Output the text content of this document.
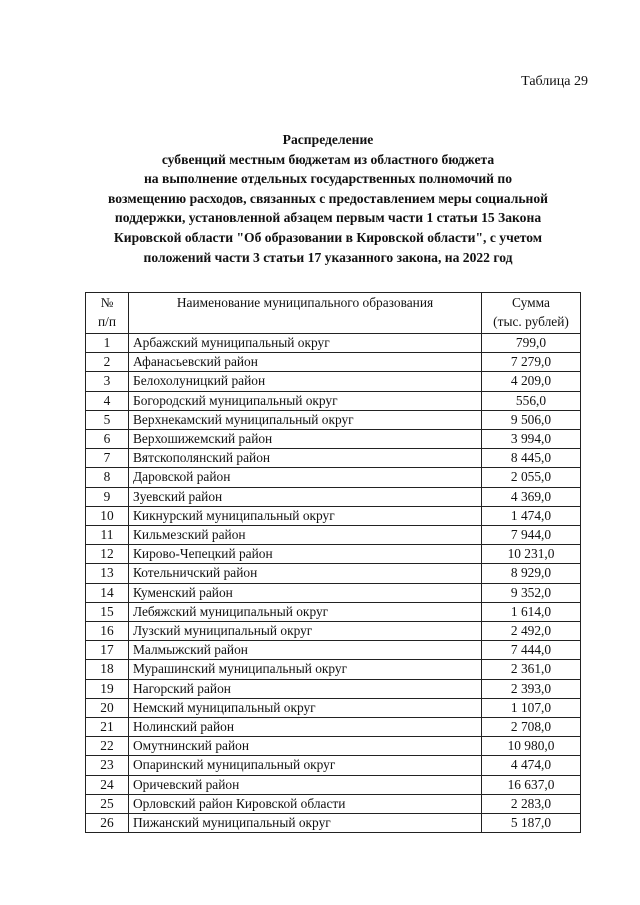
Таблица 29
Распределение
субвенций местным бюджетам из областного бюджета
на выполнение отдельных государственных полномочий по
возмещению расходов, связанных с предоставлением меры социальной
поддержки, установленной абзацем первым части 1 статьи 15 Закона
Кировской области "Об образовании в Кировской области", с учетом
положений части 3 статьи 17 указанного закона, на 2022 год
№
п/п	Наименование муниципального образования	Сумма
(тыс. рублей)

1	Арбажский муниципальный округ	799,0
2	Афанасьевский район	7 279,0
3	Белохолуницкий район	4 209,0
4	Богородский муниципальный округ	556,0
5	Верхнекамский муниципальный округ	9 506,0
6	Верхошижемский район	3 994,0
7	Вятскополянский район	8 445,0
8	Даровской район	2 055,0
9	Зуевский район	4 369,0
10	Кикнурский муниципальный округ	1 474,0
11	Кильмезский район	7 944,0
12	Кирово-Чепецкий район	10 231,0
13	Котельничский район	8 929,0
14	Куменский район	9 352,0
15	Лебяжский муниципальный округ	1 614,0
16	Лузский муниципальный округ	2 492,0
17	Малмыжский район	7 444,0
18	Мурашинский муниципальный округ	2 361,0
19	Нагорский район	2 393,0
20	Немский муниципальный округ	1 107,0
21	Нолинский район	2 708,0
22	Омутнинский район	10 980,0
23	Опаринский муниципальный округ	4 474,0
24	Оричевский район	16 637,0
25	Орловский район Кировской области	2 283,0
26	Пижанский муниципальный округ	5 187,0
